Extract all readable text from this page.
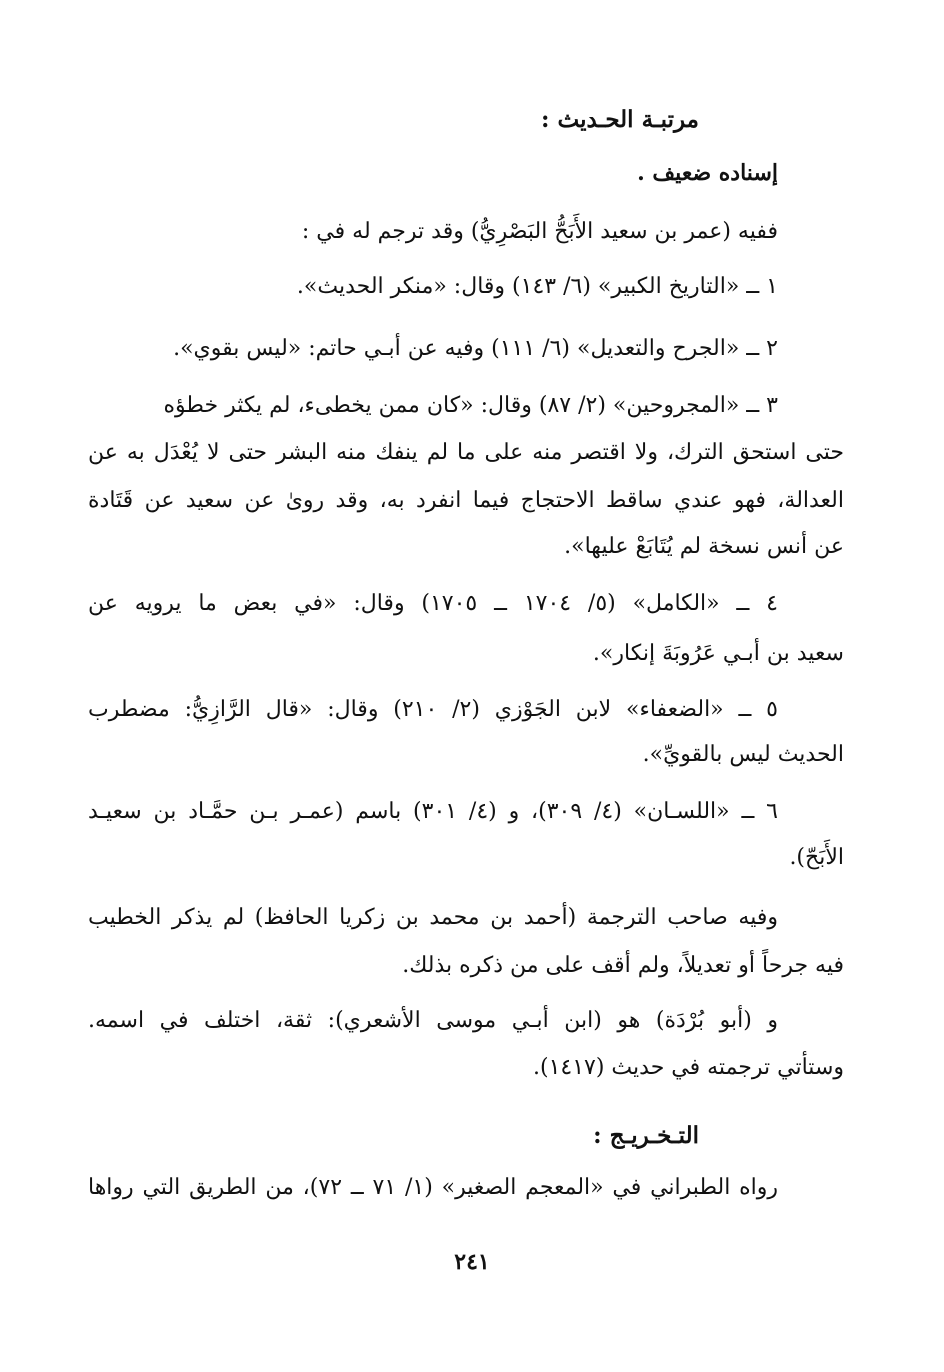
مرتبـة الحـديث :
إسناده ضعيف .
ففيه (عمر بن سعيد الأَبَحُّ البَصْرِيُّ) وقد ترجم له في :
١ ــ «التاريخ الكبير» (٦/ ١٤٣) وقال: «منكر الحديث».
٢ ــ «الجرح والتعديل» (٦/ ١١١) وفيه عن أبـي حاتم: «ليس بقوي».
٣ ــ «المجروحين» (٢/ ٨٧) وقال: «كان ممن يخطىء، لم يكثر خطؤه
حتى استحق الترك، ولا اقتصر منه على ما لم ينفك منه البشر حتى لا يُعْدَل به عن
العدالة، فهو عندي ساقط الاحتجاج فيما انفرد به، وقد روىٰ عن سعيد عن قَتَادة
عن أنس نسخة لم يُتَابَعْ عليها».
٤ ــ «الكامل» (٥/ ١٧٠٤ ــ ١٧٠٥) وقال: «في بعض ما يرويه عن
سعيد بن أبـي عَرُوبَةَ إنكار».
٥ ــ «الضعفاء» لابن الجَوْزي (٢/ ٢١٠) وقال: «قال الرَّازِيُّ: مضطرب
الحديث ليس بالقويِّ».
٦ ــ «اللسـان» (٤/ ٣٠٩)، و (٤/ ٣٠١) باسم (عمـر بـن حمَّـاد بن سعيـد
الأَبَحّ).
وفيه صاحب الترجمة (أحمد بن محمد بن زكريا الحافظ) لم يذكر الخطيب
فيه جرحاً أو تعديلاً، ولم أقف على من ذكره بذلك.
و (أبو بُرْدَة) هو (ابن أبـي موسى الأشعري): ثقة، اختلف في اسمه.
وستأتي ترجمته في حديث (١٤١٧).
التـخـريـج :
رواه الطبراني في «المعجم الصغير» (١/ ٧١ ــ ٧٢)، من الطريق التي رواها
٢٤١
